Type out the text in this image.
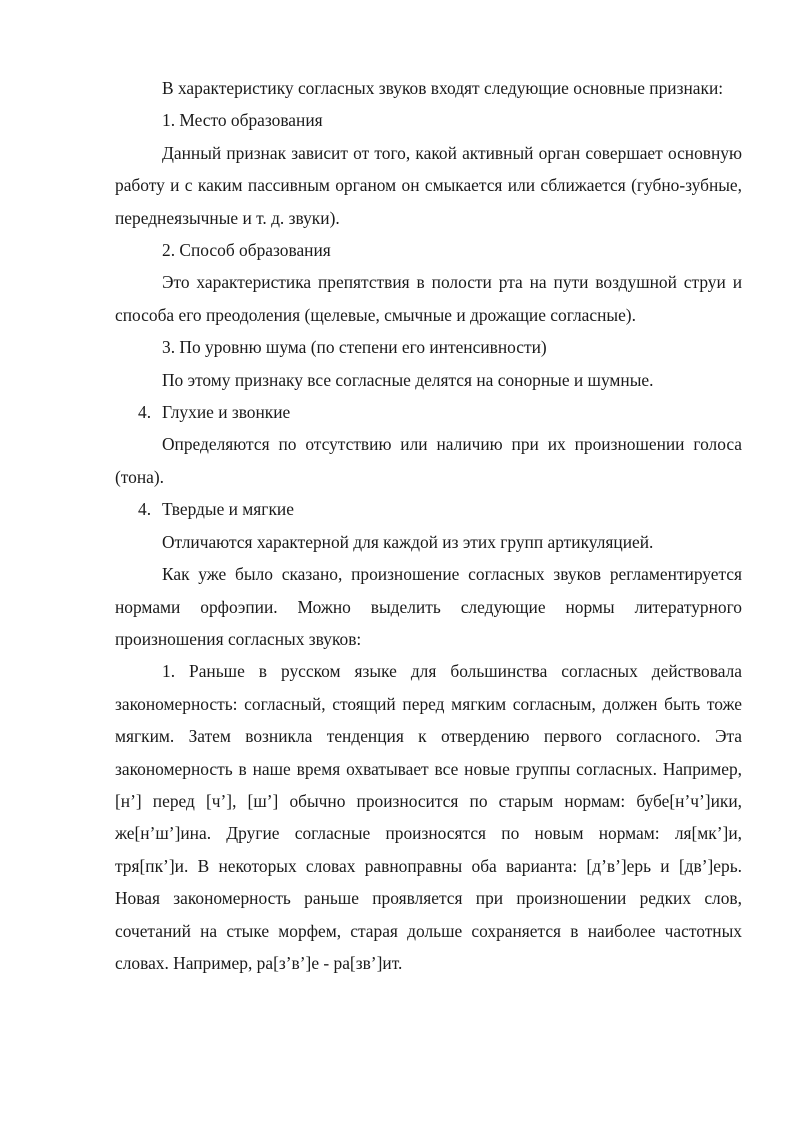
В характеристику согласных звуков входят следующие основные признаки:

1. Место образования

Данный признак зависит от того, какой активный орган совершает основную работу и с каким пассивным органом он смыкается или сближается (губно-зубные, переднеязычные и т. д. звуки).

2. Способ образования

Это характеристика препятствия в полости рта на пути воздушной струи и способа его преодоления (щелевые, смычные и дрожащие согласные).

3. По уровню шума (по степени его интенсивности)

По этому признаку все согласные делятся на сонорные и шумные.

4. Глухие и звонкие

Определяются по отсутствию или наличию при их произношении голоса (тона).

4. Твердые и мягкие

Отличаются характерной для каждой из этих групп артикуляцией.

Как уже было сказано, произношение согласных звуков регламентируется нормами орфоэпии. Можно выделить следующие нормы литературного произношения согласных звуков:

1. Раньше в русском языке для большинства согласных действовала закономерность: согласный, стоящий перед мягким согласным, должен быть тоже мягким. Затем возникла тенденция к отвердению первого согласного. Эта закономерность в наше время охватывает все новые группы согласных. Например, [н’] перед [ч’], [ш’] обычно произносится по старым нормам: бубе[н’ч’]ики, же[н’ш’]ина. Другие согласные произносятся по новым нормам: ля[мк’]и, тря[пк’]и. В некоторых словах равноправны оба варианта: [д’в’]ерь и [дв’]ерь. Новая закономерность раньше проявляется при произношении редких слов, сочетаний на стыке морфем, старая дольше сохраняется в наиболее частотных словах. Например, ра[з’в’]е - ра[зв’]ит.
